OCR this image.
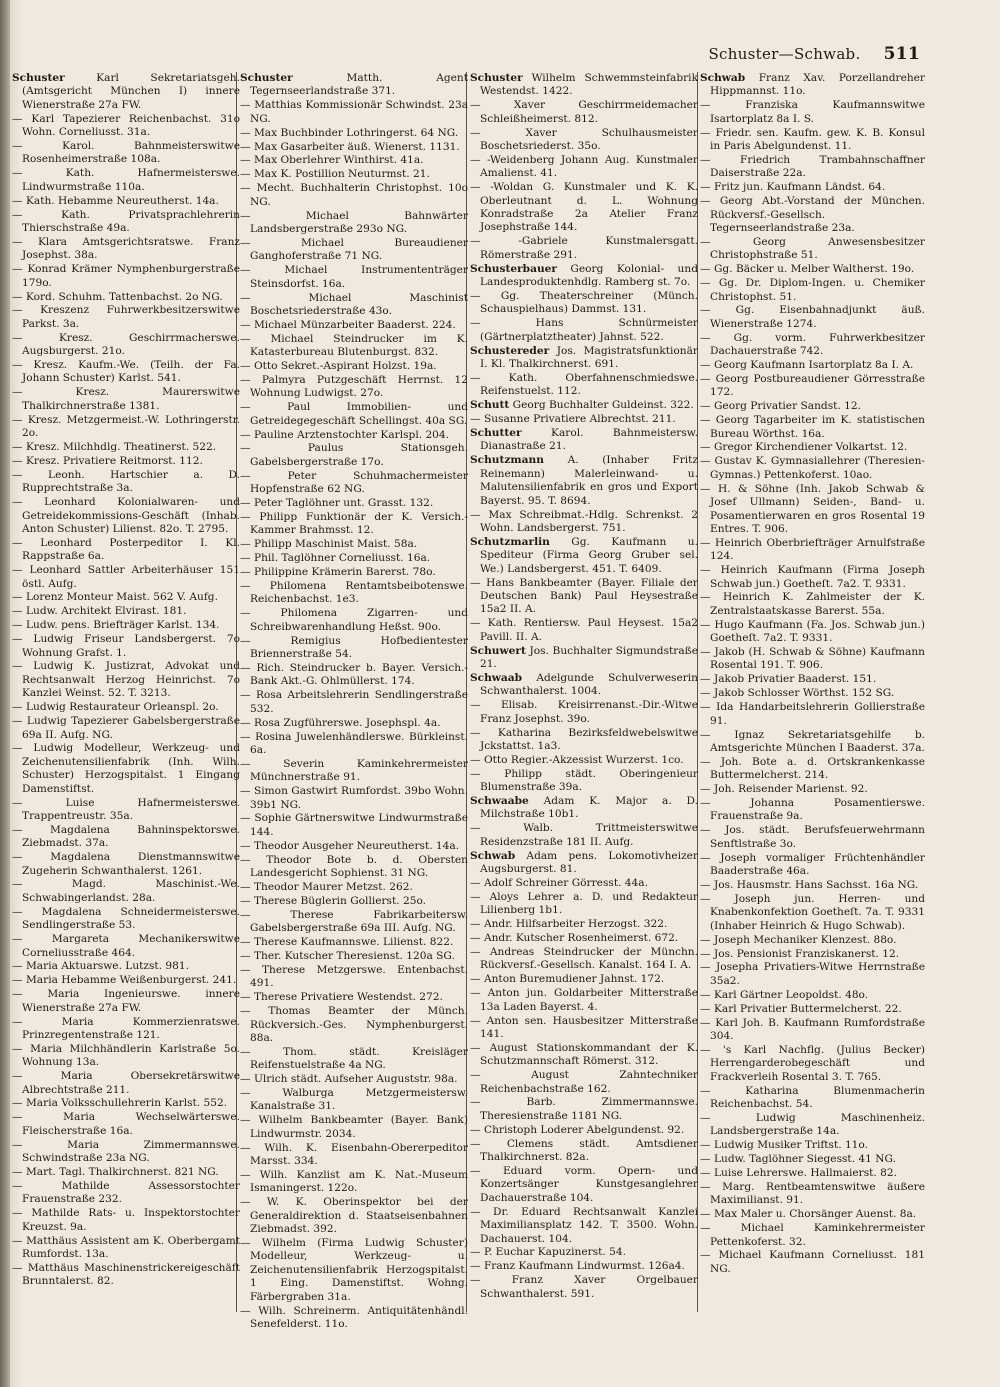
Schuster—Schwab. 511
Schuster Karl Sekretariatsgeh. (Amtsgericht München I) innere Wienerstraße 27a FW.
— Karl Tapezierer Reichenbachst. 31o Wohn. Corneliusst. 31a.
— Karol. Bahnmeisterswitwe Rosenheimerstraße 108a.
— Kath. Hafnermeisterswe. Lindwurmstraße 110a.
— Kath. Hebamme Neureutherst. 14a.
— Kath. Privatsprachlehrerin Thierschstraße 49a.
— Klara Amtsgerichtsratswe. Franz Josephst. 38a.
— Konrad Krämer Nymphenburgerstraße 179o.
— Kord. Schuhm. Tattenbachst. 2o NG.
— Kreszenz Fuhrwerkbesitzerswitwe Parkst. 3a.
— Kresz. Geschirrmacherswe. Augsburgerst. 21o.
— Kresz. Kaufm.-We. (Teilh. der Fa. Johann Schuster) Karlst. 541.
— Kresz. Maurerswitwe Thalkirchnerstraße 1381.
— Kresz. Metzgermeist.-W. Lothringerstr. 2o.
— Kresz. Milchhdlg. Theatinerst. 522.
— Kresz. Privatiere Reitmorst. 112.
— Leonh. Hartschier a. D. Rupprechtstraße 3a.
— Leonhard Kolonialwaren- und Getreidekommissions-Geschäft (Inhab. Anton Schuster) Lilienst. 82o. T. 2795.
— Leonhard Posterpeditor I. Kl. Rappstraße 6a.
— Leonhard Sattler Arbeiterhäuser 151 östl. Aufg.
— Lorenz Monteur Maist. 562 V. Aufg.
— Ludw. Architekt Elvirast. 181.
— Ludw. pens. Briefträger Karlst. 134.
— Ludwig Friseur Landsbergerst. 7o Wohnung Grafst. 1.
— Ludwig K. Justizrat, Advokat und Rechtsanwalt Herzog Heinrichst. 7o Kanzlei Weinst. 52. T. 3213.
— Ludwig Restaurateur Orleanspl. 2o.
— Ludwig Tapezierer Gabelsbergerstraße 69a II. Aufg. NG.
— Ludwig Modelleur, Werkzeug- und Zeichenutensilienfabrik (Inh. Wilh. Schuster) Herzogspitalst. 1 Eingang Damenstiftst.
— Luise Hafnermeisterswe. Trappentreustr. 35a.
— Magdalena Bahninspektorswe. Ziebmadst. 37a.
— Magdalena Dienstmannswitwe Zugeherin Schwanthalerst. 1261.
— Magd. Maschinist.-We. Schwabingerlandst. 28a.
— Magdalena Schneidermeisterswe. Sendlingerstraße 53.
— Margareta Mechanikerswitwe Corneliusstraße 464.
— Maria Aktuarswe. Lutzst. 981.
— Maria Hebamme Weißenburgerst. 241.
— Maria Ingenieurswe. innere Wienerstraße 27a FW.
— Maria Kommerzienratswe. Prinzregentenstraße 121.
— Maria Milchhändlerin Karlstraße 5o. Wohnung 13a.
— Maria Obersekretärswitwe Albrechtstraße 211.
— Maria Volksschullehrerin Karlst. 552.
— Maria Wechselwärterswe. Fleischerstraße 16a.
— Maria Zimmermannswe. Schwindstraße 23a NG.
— Mart. Tagl. Thalkirchnerst. 821 NG.
— Mathilde Assessorstochter Frauenstraße 232.
— Mathilde Rats- u. Inspektorstochter Kreuzst. 9a.
— Matthäus Assistent am K. Oberbergamt Rumfordst. 13a.
— Matthäus Maschinenstrickereigeschäft Brunntalerst. 82.
Schuster Matth. Agent Tegernseerlandstraße 371.
— Matthias Kommissionär Schwindst. 23a NG.
— Max Buchbinder Lothringerst. 64 NG.
— Max Gasarbeiter äuß. Wienerst. 1131.
— Max Oberlehrer Winthirst. 41a.
— Max K. Postillion Neuturmst. 21.
— Mecht. Buchhalterin Christophst. 10o NG.
— Michael Bahnwärter Landsbergerstraße 293o NG.
— Michael Bureaudiener Ganghoferstraße 71 NG.
— Michael Instrumententräger Steinsdorfst. 16a.
— Michael Maschinist Boschetsriederstraße 43o.
— Michael Münzarbeiter Baaderst. 224.
— Michael Steindrucker im K. Katasterbureau Blutenburgst. 832.
— Otto Sekret.-Aspirant Holzst. 19a.
— Palmyra Putzgeschäft Herrnst. 12 Wohnung Ludwigst. 27o.
— Paul Immobilien- und Getreidegegeschäft Schellingst. 40a SG.
— Pauline Arztenstochter Karlspl. 204.
— Paulus Stationsgeh. Gabelsbergerstraße 17o.
— Peter Schuhmachermeister Hopfenstraße 62 NG.
— Peter Taglöhner unt. Grasst. 132.
— Philipp Funktionär der K. Versich.-Kammer Brahmsst. 12.
— Philipp Maschinist Maist. 58a.
— Phil. Taglöhner Corneliusst. 16a.
— Philippine Krämerin Barerst. 78o.
— Philomena Rentamtsbeibotenswe. Reichenbachst. 1e3.
— Philomena Zigarren- und Schreibwarenhandlung Heßst. 90o.
— Remigius Hofbedientester Briennerstraße 54.
— Rich. Steindrucker b. Bayer. Versich.-Bank Akt.-G. Ohlmüllerst. 174.
— Rosa Arbeitslehrerin Sendlingerstraße 532.
— Rosa Zugführerswe. Josephspl. 4a.
— Rosina Juwelenhändlerswe. Bürkleinst. 6a.
— Severin Kaminkehrermeister Münchnerstraße 91.
— Simon Gastwirt Rumfordst. 39bo Wohn. 39b1 NG.
— Sophie Gärtnerswitwe Lindwurmstraße 144.
— Theodor Ausgeher Neureutherst. 14a.
— Theodor Bote b. d. Obersten Landesgericht Sophienst. 31 NG.
— Theodor Maurer Metzst. 262.
— Therese Büglerin Gollierst. 25o.
— Therese Fabrikarbeitersw. Gabelsbergerstraße 69a III. Aufg. NG.
— Therese Kaufmannswe. Lilienst. 822.
— Ther. Kutscher Theresienst. 120a SG.
— Therese Metzgerswe. Entenbachst. 491.
— Therese Privatiere Westendst. 272.
— Thomas Beamter der Münch. Rückversich.-Ges. Nymphenburgerst. 88a.
— Thom. städt. Kreisläger Reifenstuelstraße 4a NG.
— Ulrich städt. Aufseher Auguststr. 98a.
— Walburga Metzgermeistersw. Kanalstraße 31.
— Wilhelm Bankbeamter (Bayer. Bank) Lindwurmstr. 2034.
— Wilh. K. Eisenbahn-Obererpeditor Marsst. 334.
— Wilh. Kanzlist am K. Nat.-Museum Ismaningerst. 122o.
— W. K. Oberinspektor bei der Generaldirektion d. Staatseisenbahnen Ziebmadst. 392.
— Wilhelm (Firma Ludwig Schuster) Modelleur, Werkzeug- u. Zeichenutensilienfabrik Herzogspitalst. 1 Eing. Damenstiftst. Wohng. Färbergraben 31a.
— Wilh. Schreinerm. Antiquitätenhändl. Senefelderst. 11o.
Schuster Wilhelm Schwemmsteinfabrik Westendst. 1422.
— Xaver Geschirrmeidemacher Schleißheimerst. 812.
— Xaver Schulhausmeister Boschetsriederst. 35o.
— -Weidenberg Johann Aug. Kunstmaler Amalienst. 41.
— -Woldan G. Kunstmaler und K. K. Oberleutnant d. L. Wohnung Konradstraße 2a Atelier Franz Josephstraße 144.
— -Gabriele Kunstmalersgatt. Römerstraße 291.
Schusterbauer Georg Kolonial- und Landesproduktenhdlg. Ramberg st. 7o.
— Gg. Theaterschreiner (Münch. Schauspielhaus) Dammst. 131.
— Hans Schnürmeister (Gärtnerplatztheater) Jahnst. 522.
Schustereder Jos. Magistratsfunktionär I. Kl. Thalkirchnerst. 691.
— Kath. Oberfahnenschmiedswe. Reifenstuelst. 112.
Schutt Georg Buchhalter Guldeinst. 322.
— Susanne Privatiere Albrechtst. 211.
Schutter Karol. Bahnmeistersw. Dianastraße 21.
Schutzmann A. (Inhaber Fritz Reinemann) Malerleinwand- u. Malutensilienfabrik en gros und Export Bayerst. 95. T. 8694.
— Max Schreibmat.-Hdlg. Schrenkst. 2 Wohn. Landsbergerst. 751.
Schutzmarlin Gg. Kaufmann u. Spediteur (Firma Georg Gruber sel. We.) Landsbergerst. 451. T. 6409.
— Hans Bankbeamter (Bayer. Filiale der Deutschen Bank) Paul Heysestraße 15a2 II. A.
— Kath. Rentiersw. Paul Heysest. 15a2 Pavill. II. A.
Schuwert Jos. Buchhalter Sigmundstraße 21.
Schwaab Adelgunde Schulverweserin Schwanthalerst. 1004.
— Elisab. Kreisirrenanst.-Dir.-Witwe Franz Josephst. 39o.
— Katharina Bezirksfeldwebelswitwe Jckstattst. 1a3.
— Otto Regier.-Akzessist Wurzerst. 1co.
— Philipp städt. Oberingenieur Blumenstraße 39a.
Schwaabe Adam K. Major a. D. Milchstraße 10b1.
— Walb. Trittmeisterswitwe Residenzstraße 181 II. Aufg.
Schwab Adam pens. Lokomotivheizer Augsburgerst. 81.
— Adolf Schreiner Görresst. 44a.
— Aloys Lehrer a. D. und Redakteur Lilienberg 1b1.
— Andr. Hilfsarbeiter Herzogst. 322.
— Andr. Kutscher Rosenheimerst. 672.
— Andreas Steindrucker der Münchn. Rückversf.-Gesellsch. Kanalst. 164 I. A.
— Anton Buremudiener Jahnst. 172.
— Anton jun. Goldarbeiter Mitterstraße 13a Laden Bayerst. 4.
— Anton sen. Hausbesitzer Mitterstraße 141.
— August Stationskommandant der K. Schutzmannschaft Römerst. 312.
— August Zahntechniker Reichenbachstraße 162.
— Barb. Zimmermannswe. Theresienstraße 1181 NG.
— Christoph Loderer Abelgundenst. 92.
— Clemens städt. Amtsdiener Thalkirchnerst. 82a.
— Eduard vorm. Opern- und Konzertsänger Kunstgesanglehrer Dachauerstraße 104.
— Dr. Eduard Rechtsanwalt Kanzlei Maximiliansplatz 142. T. 3500. Wohn. Dachauerst. 104.
— P. Euchar Kapuzinerst. 54.
— Franz Kaufmann Lindwurmst. 126a4.
— Franz Xaver Orgelbauer Schwanthalerst. 591.
Schwab Franz Xav. Porzellandreher Hippmannst. 11o.
— Franziska Kaufmannswitwe Isartorplatz 8a I. S.
— Friedr. sen. Kaufm. gew. K. B. Konsul in Paris Abelgundenst. 11.
— Friedrich Trambahnschaffner Daiserstraße 22a.
— Fritz jun. Kaufmann Ländst. 64.
— Georg Abt.-Vorstand der München. Rückversf.-Gesellsch. Tegernseerlandstraße 23a.
— Georg Anwesensbesitzer Christophstraße 51.
— Gg. Bäcker u. Melber Waltherst. 19o.
— Gg. Dr. Diplom-Ingen. u. Chemiker Christophst. 51.
— Gg. Eisenbahnadjunkt äuß. Wienerstraße 1274.
— Gg. vorm. Fuhrwerkbesitzer Dachauerstraße 742.
— Georg Kaufmann Isartorplatz 8a I. A.
— Georg Postbureaudiener Görresstraße 172.
— Georg Privatier Sandst. 12.
— Georg Tagarbeiter im K. statistischen Bureau Wörthst. 16a.
— Gregor Kirchendiener Volkartst. 12.
— Gustav K. Gymnasiallehrer (Theresien-Gymnas.) Pettenkoferst. 10ao.
— H. & Söhne (Inh. Jakob Schwab & Josef Ullmann) Seiden-, Band- u. Posamentierwaren en gros Rosental 19 Entres. T. 906.
— Heinrich Oberbriefträger Arnulfstraße 124.
— Heinrich Kaufmann (Firma Joseph Schwab jun.) Goetheſt. 7a2. T. 9331.
— Heinrich K. Zahlmeister der K. Zentralstaatskasse Barerst. 55a.
— Hugo Kaufmann (Fa. Jos. Schwab jun.) Goetheſt. 7a2. T. 9331.
— Jakob (H. Schwab & Söhne) Kaufmann Rosental 191. T. 906.
— Jakob Privatier Baaderst. 151.
— Jakob Schlosser Wörthst. 152 SG.
— Ida Handarbeitslehrerin Gollierstraße 91.
— Ignaz Sekretariatsgehilfe b. Amtsgerichte München I Baaderst. 37a.
— Joh. Bote a. d. Ortskrankenkasse Buttermelcherst. 214.
— Joh. Reisender Marienst. 92.
— Johanna Posamentierswe. Frauenstraße 9a.
— Jos. städt. Berufsfeuerwehrmann Senftlstraße 3o.
— Joseph vormaliger Früchtenhändler Baaderstraße 46a.
— Jos. Hausmstr. Hans Sachsst. 16a NG.
— Joseph jun. Herren- und Knabenkonfektion Goetheſt. 7a. T. 9331 (Inhaber Heinrich & Hugo Schwab).
— Joseph Mechaniker Klenzest. 88o.
— Jos. Pensionist Franziskanerst. 12.
— Josepha Privatiers-Witwe Herrnstraße 35a2.
— Karl Gärtner Leopoldst. 48o.
— Karl Privatier Buttermelcherst. 22.
— Karl Joh. B. Kaufmann Rumfordstraße 304.
— 's Karl Nachflg. (Julius Becker) Herrengarderobegeschäft und Frackverleih Rosental 3. T. 765.
— Katharina Blumenmacherin Reichenbachst. 54.
— Ludwig Maschinenheiz. Landsbergerstraße 14a.
— Ludwig Musiker Triftst. 11o.
— Ludw. Taglöhner Siegesst. 41 NG.
— Luise Lehrerswe. Hallmaierst. 82.
— Marg. Rentbeamtenswitwe äußere Maximilianst. 91.
— Max Maler u. Chorsänger Auenst. 8a.
— Michael Kaminkehrermeister Pettenkoferst. 32.
— Michael Kaufmann Corneliusst. 181 NG.
